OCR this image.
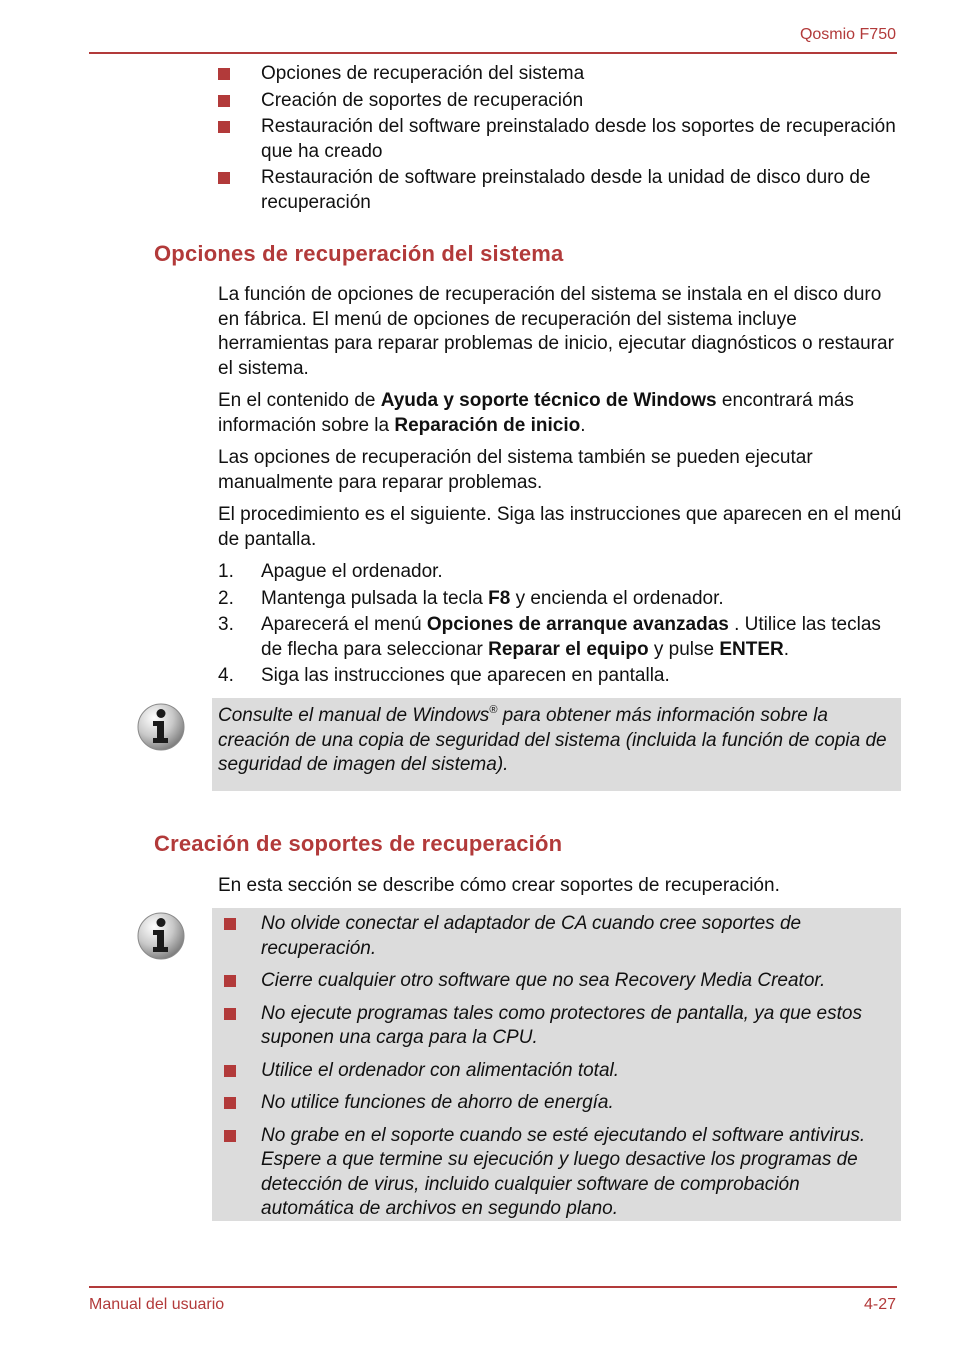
Qosmio F750
Opciones de recuperación del sistema
Creación de soportes de recuperación
Restauración del software preinstalado desde los soportes de recuperación que ha creado
Restauración de software preinstalado desde la unidad de disco duro de recuperación
Opciones de recuperación del sistema

La función de opciones de recuperación del sistema se instala en el disco duro en fábrica. El menú de opciones de recuperación del sistema incluye herramientas para reparar problemas de inicio, ejecutar diagnósticos o restaurar el sistema.

En el contenido de Ayuda y soporte técnico de Windows encontrará más información sobre la Reparación de inicio.

Las opciones de recuperación del sistema también se pueden ejecutar manualmente para reparar problemas.

El procedimiento es el siguiente. Siga las instrucciones que aparecen en el menú de pantalla.

1. Apague el ordenador.
2. Mantenga pulsada la tecla F8 y encienda el ordenador.
3. Aparecerá el menú Opciones de arranque avanzadas . Utilice las teclas de flecha para seleccionar Reparar el equipo y pulse ENTER.
4. Siga las instrucciones que aparecen en pantalla.

Consulte el manual de Windows® para obtener más información sobre la creación de una copia de seguridad del sistema (incluida la función de copia de seguridad de imagen del sistema).

Creación de soportes de recuperación

En esta sección se describe cómo crear soportes de recuperación.

No olvide conectar el adaptador de CA cuando cree soportes de recuperación.
Cierre cualquier otro software que no sea Recovery Media Creator.
No ejecute programas tales como protectores de pantalla, ya que estos suponen una carga para la CPU.
Utilice el ordenador con alimentación total.
No utilice funciones de ahorro de energía.
No grabe en el soporte cuando se esté ejecutando el software antivirus. Espere a que termine su ejecución y luego desactive los programas de detección de virus, incluido cualquier software de comprobación automática de archivos en segundo plano.
Manual del usuario	4-27
